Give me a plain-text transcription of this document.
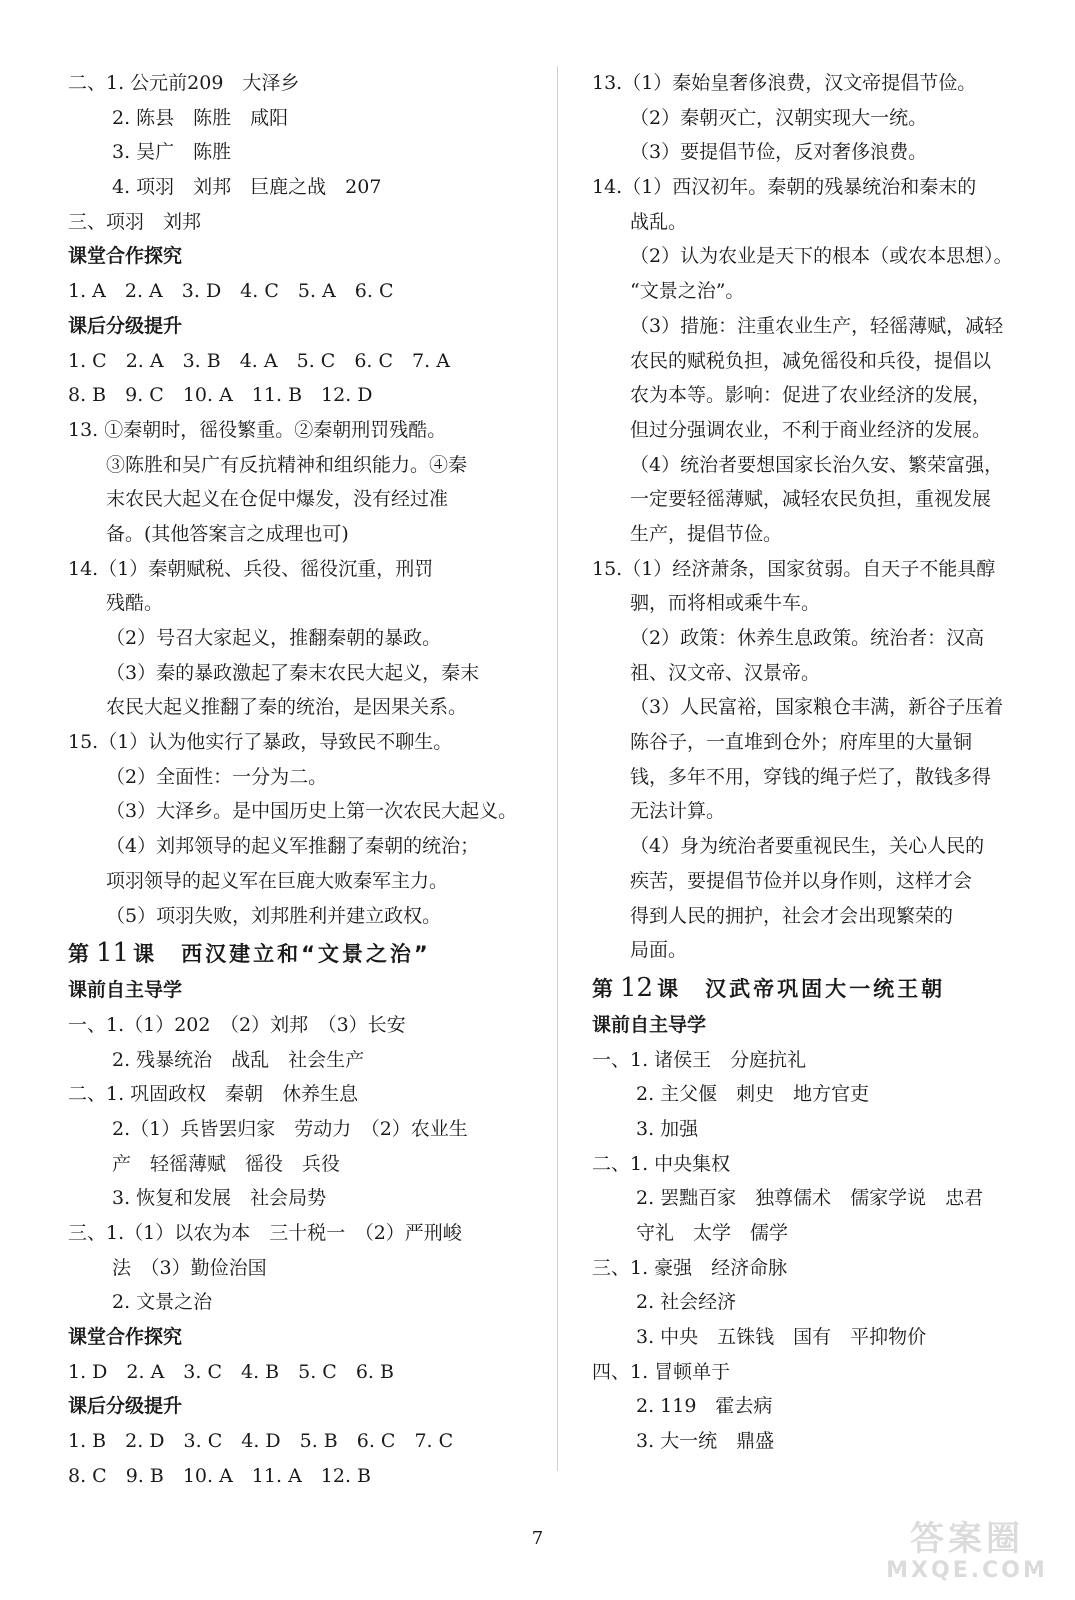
二、1. 公元前209　大泽乡
2. 陈县　陈胜　咸阳
3. 吴广　陈胜
4. 项羽　刘邦　巨鹿之战　207
三、项羽　刘邦
课堂合作探究
1. A　2. A　3. D　4. C　5. A　6. C
课后分级提升
1. C　2. A　3. B　4. A　5. C　6. C　7. A
8. B　9. C　10. A　11. B　12. D
13. ①秦朝时，徭役繁重。②秦朝刑罚残酷。
③陈胜和吴广有反抗精神和组织能力。④秦
末农民大起义在仓促中爆发，没有经过准
备。(其他答案言之成理也可)
14.（1）秦朝赋税、兵役、徭役沉重，刑罚
残酷。
（2）号召大家起义，推翻秦朝的暴政。
（3）秦的暴政激起了秦末农民大起义，秦末
农民大起义推翻了秦的统治，是因果关系。
15.（1）认为他实行了暴政，导致民不聊生。
（2）全面性：一分为二。
（3）大泽乡。是中国历史上第一次农民大起义。
（4）刘邦领导的起义军推翻了秦朝的统治；
项羽领导的起义军在巨鹿大败秦军主力。
（5）项羽失败，刘邦胜利并建立政权。
第 11 课　西汉建立和“文景之治”
课前自主导学
一、1.（1）202　（2）刘邦　（3）长安
2. 残暴统治　战乱　社会生产
二、1. 巩固政权　秦朝　休养生息
2.（1）兵皆罢归家　劳动力　（2）农业生
产　轻徭薄赋　徭役　兵役
3. 恢复和发展　社会局势
三、1.（1）以农为本　三十税一　（2）严刑峻
法　（3）勤俭治国
2. 文景之治
课堂合作探究
1. D　2. A　3. C　4. B　5. C　6. B
课后分级提升
1. B　2. D　3. C　4. D　5. B　6. C　7. C
8. C　9. B　10. A　11. A　12. B
13.（1）秦始皇奢侈浪费，汉文帝提倡节俭。
（2）秦朝灭亡，汉朝实现大一统。
（3）要提倡节俭，反对奢侈浪费。
14.（1）西汉初年。秦朝的残暴统治和秦末的
战乱。
（2）认为农业是天下的根本（或农本思想）。
“文景之治”。
（3）措施：注重农业生产，轻徭薄赋，减轻
农民的赋税负担，减免徭役和兵役，提倡以
农为本等。影响：促进了农业经济的发展，
但过分强调农业，不利于商业经济的发展。
（4）统治者要想国家长治久安、繁荣富强，
一定要轻徭薄赋，减轻农民负担，重视发展
生产，提倡节俭。
15.（1）经济萧条，国家贫弱。自天子不能具醇
驷，而将相或乘牛车。
（2）政策：休养生息政策。统治者：汉高
祖、汉文帝、汉景帝。
（3）人民富裕，国家粮仓丰满，新谷子压着
陈谷子，一直堆到仓外；府库里的大量铜
钱，多年不用，穿钱的绳子烂了，散钱多得
无法计算。
（4）身为统治者要重视民生，关心人民的
疾苦，要提倡节俭并以身作则，这样才会
得到人民的拥护，社会才会出现繁荣的
局面。
第 12 课　汉武帝巩固大一统王朝
课前自主导学
一、1. 诸侯王　分庭抗礼
2. 主父偃　刺史　地方官吏
3. 加强
二、1. 中央集权
2. 罢黜百家　独尊儒术　儒家学说　忠君
守礼　太学　儒学
三、1. 豪强　经济命脉
2. 社会经济
3. 中央　五铢钱　国有　平抑物价
四、1. 冒顿单于
2. 119　霍去病
3. 大一统　鼎盛
7	答案圈
MXQE.COM
